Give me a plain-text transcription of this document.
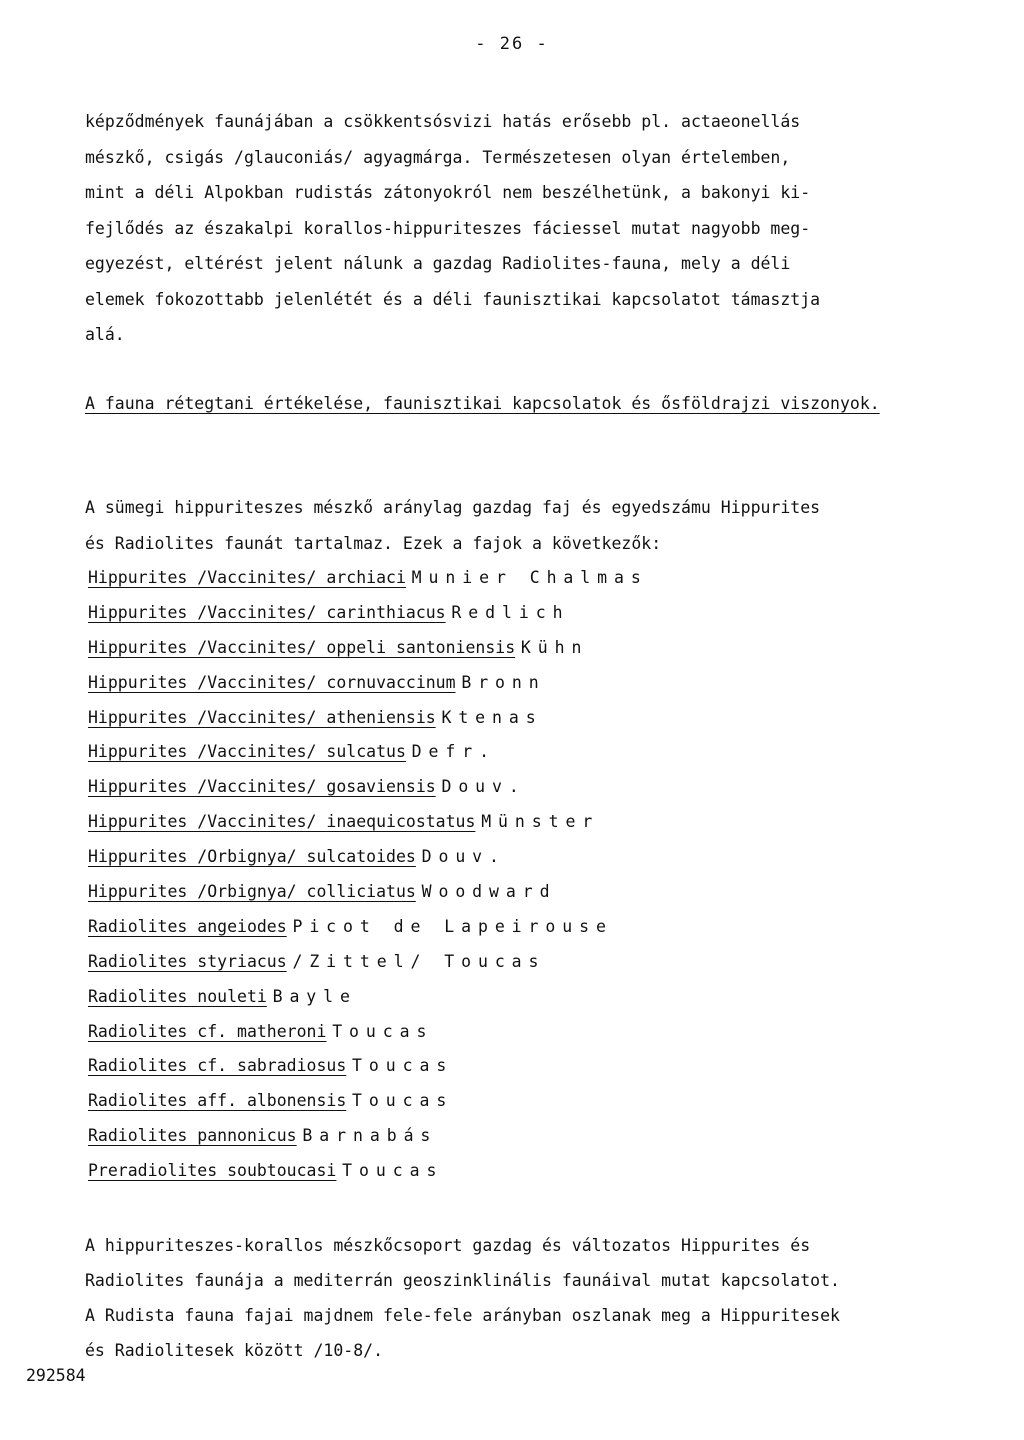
- 26 -
képződmények faunájában a csökkentsósvizi hatás erősebb pl. actaeonellás
mészkő, csigás /glauconiás/ agyagmárga. Természetesen olyan értelemben,
mint a déli Alpokban rudistás zátonyokról nem beszélhetünk, a bakonyi ki-
fejlődés az északalpi korallos-hippuriteszes fáciessel mutat nagyobb meg-
egyezést, eltérést jelent nálunk a gazdag Radiolites-fauna, mely a déli
elemek fokozottabb jelenlétét és a déli faunisztikai kapcsolatot támasztja
alá.
A fauna rétegtani értékelése, faunisztikai kapcsolatok és ősföldrajzi viszonyok.
A sümegi hippuriteszes mészkő aránylag gazdag faj és egyedszámu Hippurites
és Radiolites faunát tartalmaz. Ezek a fajok a következők:
Hippurites /Vaccinites/ archiaci Munier Chalmas
Hippurites /Vaccinites/ carinthiacus Redlich
Hippurites /Vaccinites/ oppeli santoniensis Kühn
Hippurites /Vaccinites/ cornuvaccinum Bronn
Hippurites /Vaccinites/ atheniensis Ktenas
Hippurites /Vaccinites/ sulcatus Defr.
Hippurites /Vaccinites/ gosaviensis Douv.
Hippurites /Vaccinites/ inaequicostatus Münster
Hippurites /Orbignya/ sulcatoides Douv.
Hippurites /Orbignya/ colliciatus Woodward
Radiolites angeiodes Picot de Lapeirouse
Radiolites styriacus /Zittel/ Toucas
Radiolites nouleti Bayle
Radiolites cf. matheroni Toucas
Radiolites cf. sabradiosus Toucas
Radiolites aff. albonensis Toucas
Radiolites pannonicus Barnabás
Preradiolites soubtoucasi Toucas
A hippuriteszes-korallos mészkőcsoport gazdag és változatos Hippurites és
Radiolites faunája a mediterrán geoszinklinális faunáival mutat kapcsolatot.
A Rudista fauna fajai majdnem fele-fele arányban oszlanak meg a Hippuritesek
és Radiolitesek között /10-8/.
292584
